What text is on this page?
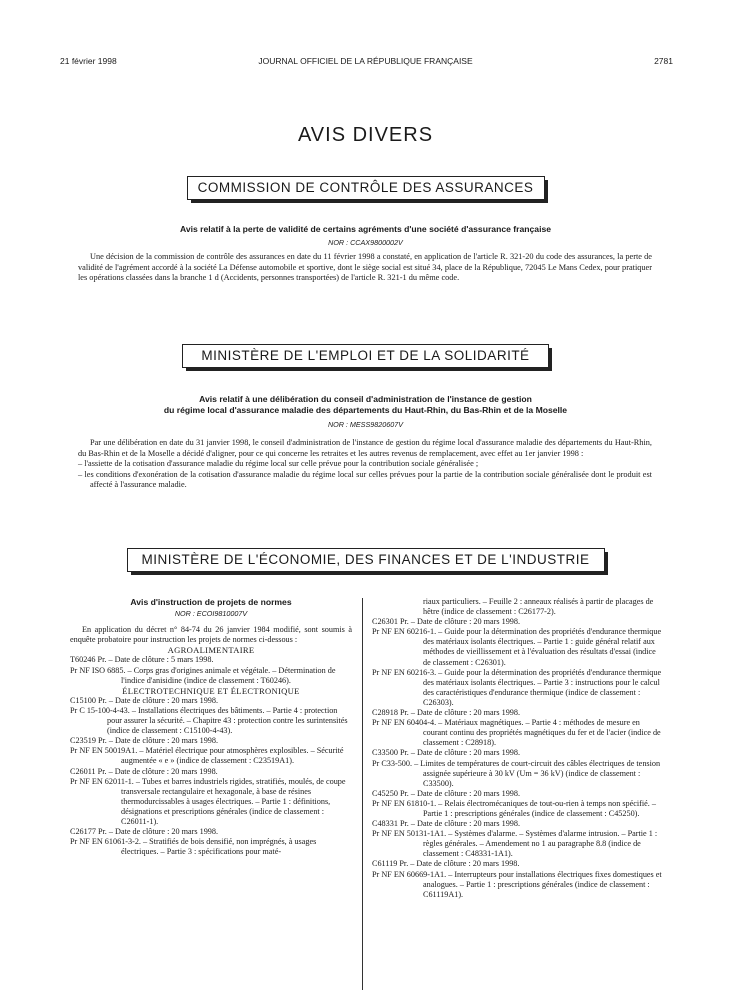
21 février 1998	JOURNAL OFFICIEL DE LA RÉPUBLIQUE FRANÇAISE	2781
AVIS DIVERS
COMMISSION DE CONTRÔLE DES ASSURANCES
Avis relatif à la perte de validité de certains agréments d'une société d'assurance française
NOR : CCAX9800002V
Une décision de la commission de contrôle des assurances en date du 11 février 1998 a constaté, en application de l'article R. 321-20 du code des assurances, la perte de validité de l'agrément accordé à la société La Défense automobile et sportive, dont le siège social est situé 34, place de la République, 72045 Le Mans Cedex, pour pratiquer les opérations classées dans la branche 1 d (Accidents, personnes transportées) de l'article R. 321-1 du même code.
MINISTÈRE DE L'EMPLOI ET DE LA SOLIDARITÉ
Avis relatif à une délibération du conseil d'administration de l'instance de gestion
du régime local d'assurance maladie des départements du Haut-Rhin, du Bas-Rhin et de la Moselle
NOR : MESS9820607V
Par une délibération en date du 31 janvier 1998, le conseil d'administration de l'instance de gestion du régime local d'assurance maladie des départements du Haut-Rhin, du Bas-Rhin et de la Moselle a décidé d'aligner, pour ce qui concerne les retraites et les autres revenus de remplacement, avec effet au 1er janvier 1998 :
– l'assiette de la cotisation d'assurance maladie du régime local sur celle prévue pour la contribution sociale généralisée ;
– les conditions d'exonération de la cotisation d'assurance maladie du régime local sur celles prévues pour la partie de la contribution sociale généralisée dont le produit est affecté à l'assurance maladie.
MINISTÈRE DE L'ÉCONOMIE, DES FINANCES ET DE L'INDUSTRIE

Avis d'instruction de projets de normes

NOR : ECOI9810007V

En application du décret n° 84-74 du 26 janvier 1984 modifié, sont soumis à enquête probatoire pour instruction les projets de normes ci-dessous :

AGROALIMENTAIRE

T60246 Pr. – Date de clôture : 5 mars 1998.

Pr NF ISO 6885. – Corps gras d'origines animale et végétale. – Détermination de l'indice d'anisidine (indice de classement : T60246).

ÉLECTROTECHNIQUE ET ÉLECTRONIQUE

C15100 Pr. – Date de clôture : 20 mars 1998.

Pr C 15-100-4-43. – Installations électriques des bâtiments. – Partie 4 : protection pour assurer la sécurité. – Chapitre 43 : protection contre les surintensités (indice de classement : C15100-4-43).

C23519 Pr. – Date de clôture : 20 mars 1998.

Pr NF EN 50019A1. – Matériel électrique pour atmosphères explosibles. – Sécurité augmentée « e » (indice de classement : C23519A1).

C26011 Pr. – Date de clôture : 20 mars 1998.

Pr NF EN 62011-1. – Tubes et barres industriels rigides, stratifiés, moulés, de coupe transversale rectangulaire et hexagonale, à base de résines thermodurcissables à usages électriques. – Partie 1 : définitions, désignations et prescriptions générales (indice de classement : C26011-1).

C26177 Pr. – Date de clôture : 20 mars 1998.

Pr NF EN 61061-3-2. – Stratifiés de bois densifié, non imprégnés, à usages électriques. – Partie 3 : spécifications pour maté-

riaux particuliers. – Feuille 2 : anneaux réalisés à partir de placages de hêtre (indice de classement : C26177-2).

C26301 Pr. – Date de clôture : 20 mars 1998.

Pr NF EN 60216-1. – Guide pour la détermination des propriétés d'endurance thermique des matériaux isolants électriques. – Partie 1 : guide général relatif aux méthodes de vieillissement et à l'évaluation des résultats d'essai (indice de classement : C26301).

Pr NF EN 60216-3. – Guide pour la détermination des propriétés d'endurance thermique des matériaux isolants électriques. – Partie 3 : instructions pour le calcul des caractéristiques d'endurance thermique (indice de classement : C26303).

C28918 Pr. – Date de clôture : 20 mars 1998.

Pr NF EN 60404-4. – Matériaux magnétiques. – Partie 4 : méthodes de mesure en courant continu des propriétés magnétiques du fer et de l'acier (indice de classement : C28918).

C33500 Pr. – Date de clôture : 20 mars 1998.

Pr C33-500. – Limites de températures de court-circuit des câbles électriques de tension assignée supérieure à 30 kV (Um = 36 kV) (indice de classement : C33500).

C45250 Pr. – Date de clôture : 20 mars 1998.

Pr NF EN 61810-1. – Relais électromécaniques de tout-ou-rien à temps non spécifié. – Partie 1 : prescriptions générales (indice de classement : C45250).

C48331 Pr. – Date de clôture : 20 mars 1998.

Pr NF EN 50131-1A1. – Systèmes d'alarme. – Systèmes d'alarme intrusion. – Partie 1 : règles générales. – Amendement no 1 au paragraphe 8.8 (indice de classement : C48331-1A1).

C61119 Pr. – Date de clôture : 20 mars 1998.

Pr NF EN 60669-1A1. – Interrupteurs pour installations électriques fixes domestiques et analogues. – Partie 1 : prescriptions générales (indice de classement : C61119A1).
